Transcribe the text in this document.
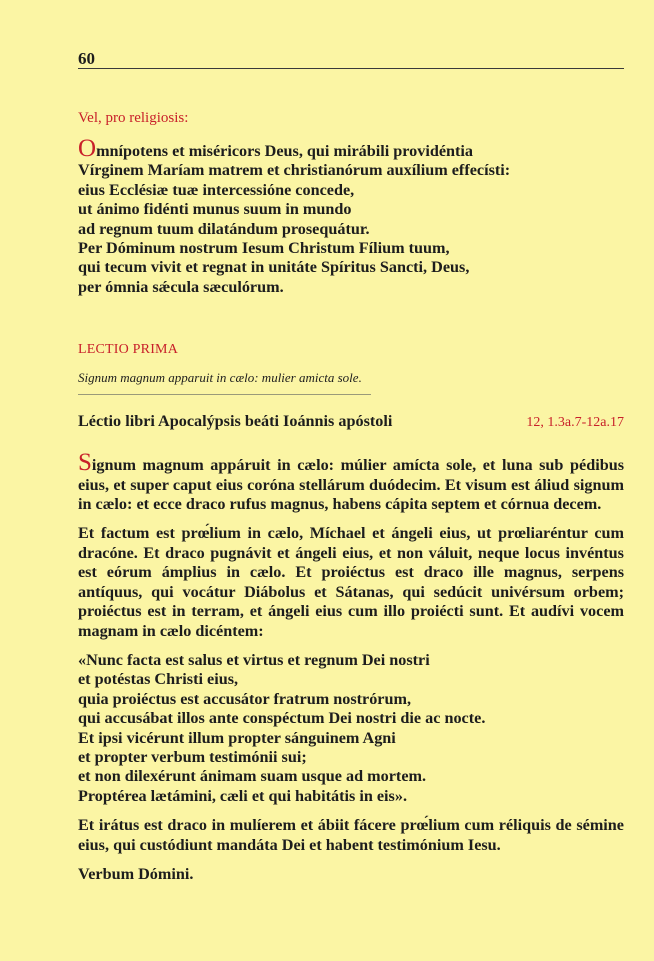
60

Vel, pro religiosis:

Omnípotens et miséricors Deus, qui mirábili providéntia
Vírginem Maríam matrem et christianórum auxílium effecísti:
eius Ecclésiæ tuæ intercessióne concede,
ut ánimo fidénti munus suum in mundo
ad regnum tuum dilatándum prosequátur.
Per Dóminum nostrum Iesum Christum Fílium tuum,
qui tecum vivit et regnat in unitáte Spíritus Sancti, Deus,
per ómnia sǽcula sæculórum.
LECTIO PRIMA

Signum magnum apparuit in cælo: mulier amicta sole.

Léctio libri Apocalýpsis beáti Ioánnis apóstoli	12, 1.3a.7-12a.17

Signum magnum appáruit in cælo: múlier amícta sole, et luna sub pédibus eius, et super caput eius coróna stellárum duódecim. Et visum est áliud signum in cælo: et ecce draco rufus magnus, habens cápita septem et córnua decem.

Et factum est prœ́lium in cælo, Míchael et ángeli eius, ut prœliaréntur cum dracóne. Et draco pugnávit et ángeli eius, et non váluit, neque locus invéntus est eórum ámplius in cælo. Et proiéctus est draco ille magnus, serpens antíquus, qui vocátur Diábolus et Sátanas, qui sedúcit univérsum orbem; proiéctus est in terram, et ángeli eius cum illo proiécti sunt. Et audívi vocem magnam in cælo dicéntem:

«Nunc facta est salus et virtus et regnum Dei nostri
et potéstas Christi eius,
quia proiéctus est accusátor fratrum nostrórum,
qui accusábat illos ante conspéctum Dei nostri die ac nocte.
Et ipsi vicérunt illum propter sánguinem Agni
et propter verbum testimónii sui;
et non dilexérunt ánimam suam usque ad mortem.
Proptérea lætámini, cæli et qui habitátis in eis».

Et irátus est draco in mulíerem et ábiit fácere prœ́lium cum réliquis de sémine eius, qui custódiunt mandáta Dei et habent testimónium Iesu.

Verbum Dómini.
